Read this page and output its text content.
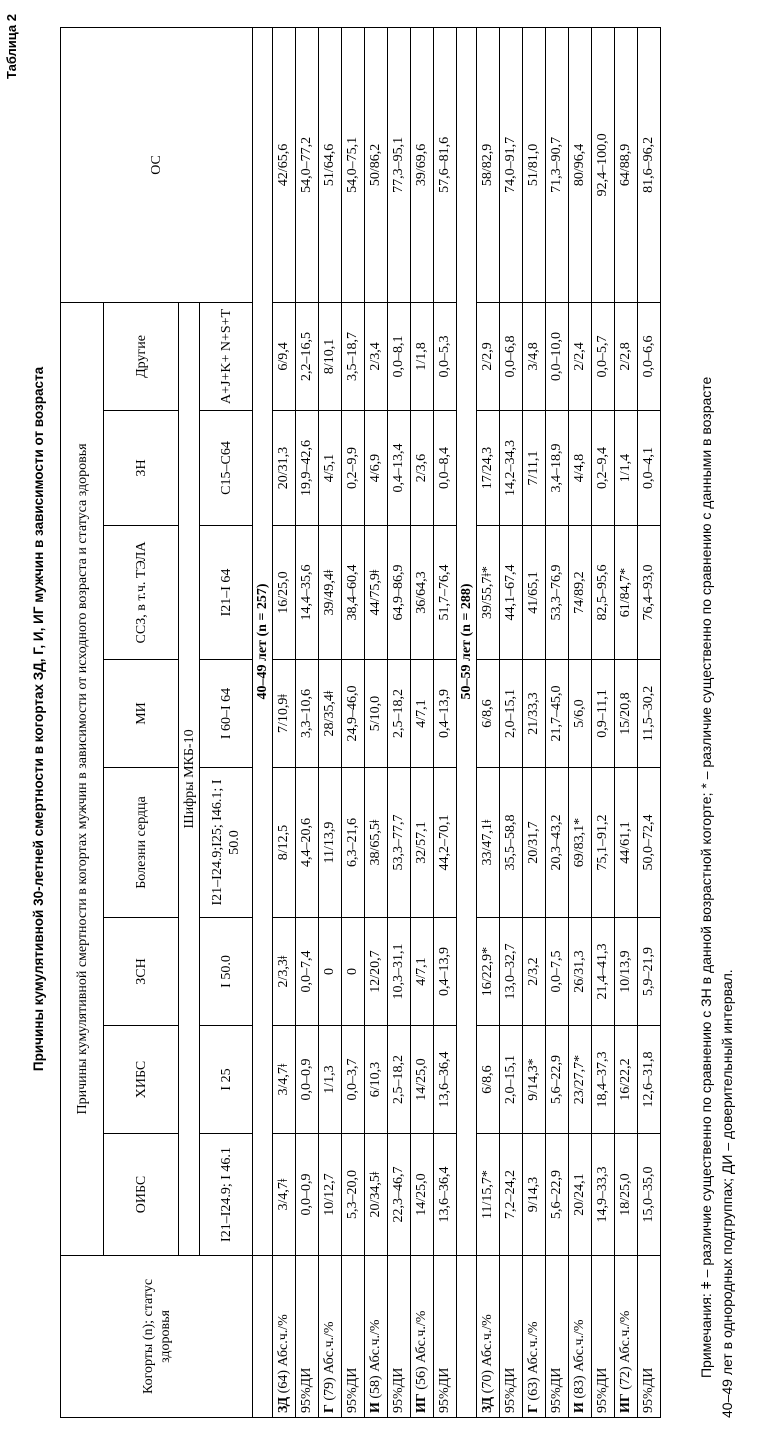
Таблица 2
Причины кумулятивной 30-летней смертности в когортах ЗД, Г, И, ИГ мужчин в зависимости от возраста
Когорты (n); статус здоровья	Причины кумулятивной смертности в когортах мужчин в зависимости от исходного возраста и статуса здоровья								ОС
	ОИБС	ХИБС	ЗСН	Болезни сердца	МИ	ССЗ, в т.ч. ТЭЛА	ЗН	Другие	
	Шифры МКБ-10								
	I21–I24.9; I 46.1	I 25	I 50.0	I21–I24.9;I25; I46.1; I 50.0	I 60–I 64	I21–I 64	C15–C64	A+J+K+ N+S+T	
	40–49 лет (n = 257)								
ЗД (64) Абс.ч./%	3/4,7ǂ	3/4,7ǂ	2/3,3ǂ	8/12,5	7/10,9ǂ	16/25,0	20/31,3	6/9,4	42/65,6
95%ДИ	0,0–0,9	0,0–0,9	0,0–7,4	4,4–20,6	3,3–10,6	14,4–35,6	19,9–42,6	2,2–16,5	54,0–77,2
Г (79) Абс.ч./%	10/12,7	1/1,3	0	11/13,9	28/35,4ǂ	39/49,4ǂ	4/5,1	8/10,1	51/64,6
95%ДИ	5,3–20,0	0,0–3,7	0	6,3–21,6	24,9–46,0	38,4–60,4	0,2–9,9	3,5–18,7	54,0–75,1
И (58) Абс.ч./%	20/34,5ǂ	6/10,3	12/20,7	38/65,5ǂ	5/10,0	44/75,9ǂ	4/6,9	2/3,4	50/86,2
95%ДИ	22,3–46,7	2,5–18,2	10,3–31,1	53,3–77,7	2,5–18,2	64,9–86,9	0,4–13,4	0,0–8,1	77,3–95,1
ИГ (56) Абс.ч./%	14/25,0	14/25,0	4/7,1	32/57,1	4/7,1	36/64,3	2/3,6	1/1,8	39/69,6
95%ДИ	13,6–36,4	13,6–36,4	0,4–13,9	44,2–70,1	0,4–13,9	51,7–76,4	0,0–8,4	0,0–5,3	57,6–81,6
	50–59 лет (n = 288)								
ЗД (70) Абс.ч./%	11/15,7*	6/8,6	16/22,9*	33/47,1ǂ	6/8,6	39/55,7ǂ*	17/24,3	2/2,9	58/82,9
95%ДИ	7,2–24,2	2,0–15,1	13,0–32,7	35,5–58,8	2,0–15,1	44,1–67,4	14,2–34,3	0,0–6,8	74,0–91,7
Г (63) Абс.ч./%	9/14,3	9/14,3*	2/3,2	20/31,7	21/33,3	41/65,1	7/11,1	3/4,8	51/81,0
95%ДИ	5,6–22,9	5,6–22,9	0,0–7,5	20,3–43,2	21,7–45,0	53,3–76,9	3,4–18,9	0,0–10,0	71,3–90,7
И (83) Абс.ч./%	20/24,1	23/27,7*	26/31,3	69/83,1*	5/6,0	74/89,2	4/4,8	2/2,4	80/96,4
95%ДИ	14,9–33,3	18,4–37,3	21,4–41,3	75,1–91,2	0,9–11,1	82,5–95,6	0,2–9,4	0,0–5,7	92,4–100,0
ИГ (72) Абс.ч./%	18/25,0	16/22,2	10/13,9	44/61,1	15/20,8	61/84,7*	1/1,4	2/2,8	64/88,9
95%ДИ	15,0–35,0	12,6–31,8	5,9–21,9	50,0–72,4	11,5–30,2	76,4–93,0	0,0–4,1	0,0–6,6	81,6–96,2

Примечания: ǂ – различие существенно по сравнению с ЗН в данной возрастной когорте; * – различие существенно по сравнению с данными в возрасте 40–49 лет в однородных подгруппах; ДИ – доверительный интервал.
